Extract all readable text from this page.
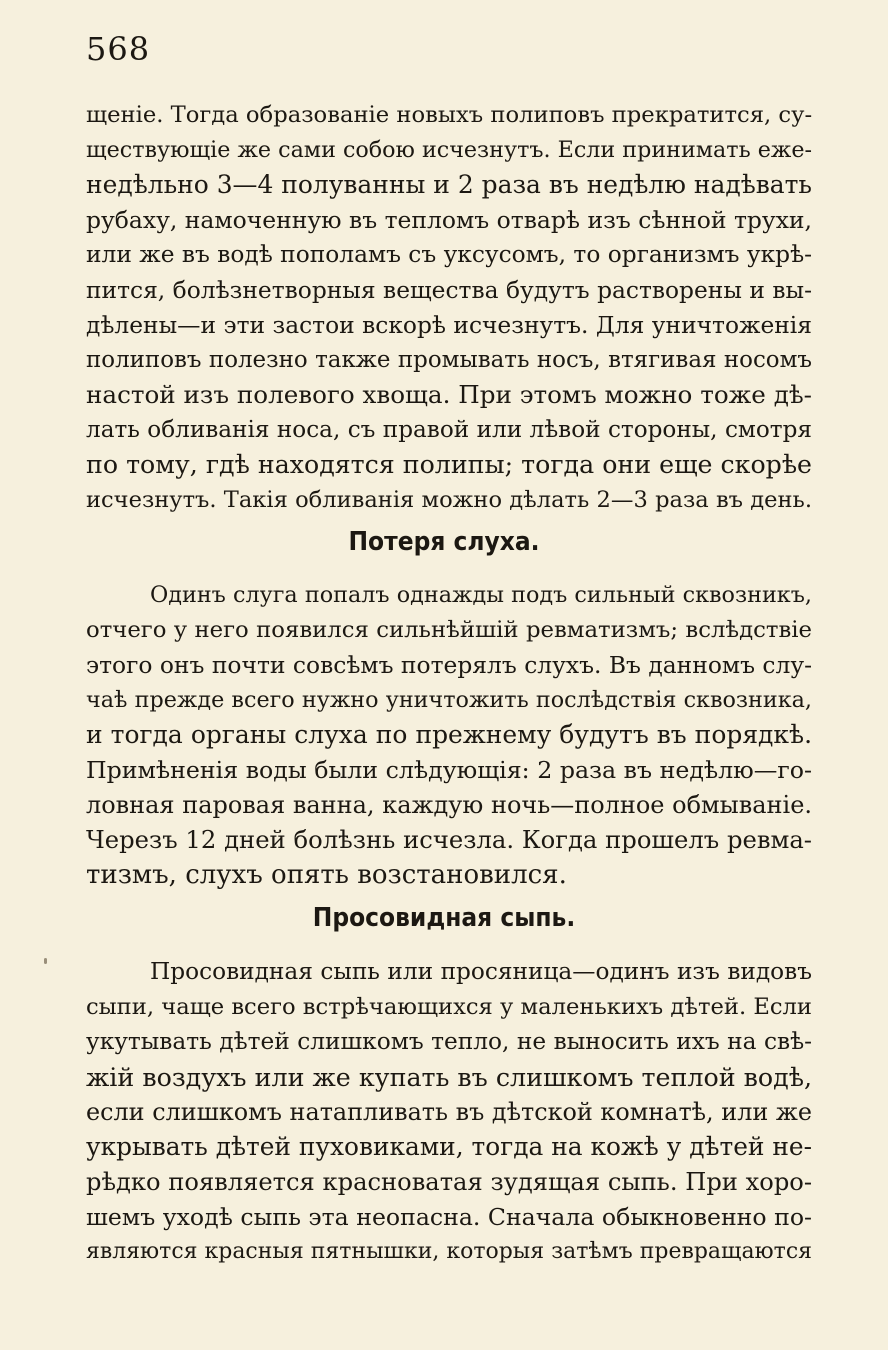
568
щеніе. Тогда образованіе новыхъ полиповъ прекратится, су-
ществующіе же сами собою исчезнутъ. Если принимать еже-
недѣльно 3—4 полуванны и 2 раза въ недѣлю надѣвать
рубаху, намоченную въ тепломъ отварѣ изъ сѣнной трухи,
или же въ водѣ пополамъ съ уксусомъ, то организмъ укрѣ-
пится, болѣзнетворныя вещества будутъ растворены и вы-
дѣлены—и эти застои вскорѣ исчезнутъ. Для уничтоженія
полиповъ полезно также промывать носъ, втягивая носомъ
настой изъ полевого хвоща. При этомъ можно тоже дѣ-
лать обливанія носа, съ правой или лѣвой стороны, смотря
по тому, гдѣ находятся полипы; тогда они еще скорѣе
исчезнутъ. Такія обливанія можно дѣлать 2—3 раза въ день.
Потеря слуха.
Одинъ слуга попалъ однажды подъ сильный сквозникъ,
отчего у него появился сильнѣйшій ревматизмъ; вслѣдствіе
этого онъ почти совсѣмъ потерялъ слухъ. Въ данномъ слу-
чаѣ прежде всего нужно уничтожить послѣдствія сквозника,
и тогда органы слуха по прежнему будутъ въ порядкѣ.
Примѣненія воды были слѣдующія: 2 раза въ недѣлю—го-
ловная паровая ванна, каждую ночь—полное обмываніе.
Черезъ 12 дней болѣзнь исчезла. Когда прошелъ ревма-
тизмъ, слухъ опять возстановился.
Просовидная сыпь.
Просовидная сыпь или просяница—одинъ изъ видовъ
сыпи, чаще всего встрѣчающихся у маленькихъ дѣтей. Если
укутывать дѣтей слишкомъ тепло, не выносить ихъ на свѣ-
жій воздухъ или же купать въ слишкомъ теплой водѣ,
если слишкомъ натапливать въ дѣтской комнатѣ, или же
укрывать дѣтей пуховиками, тогда на кожѣ у дѣтей не-
рѣдко появляется красноватая зудящая сыпь. При хоро-
шемъ уходѣ сыпь эта неопасна. Сначала обыкновенно по-
являются красныя пятнышки, которыя затѣмъ превращаются
